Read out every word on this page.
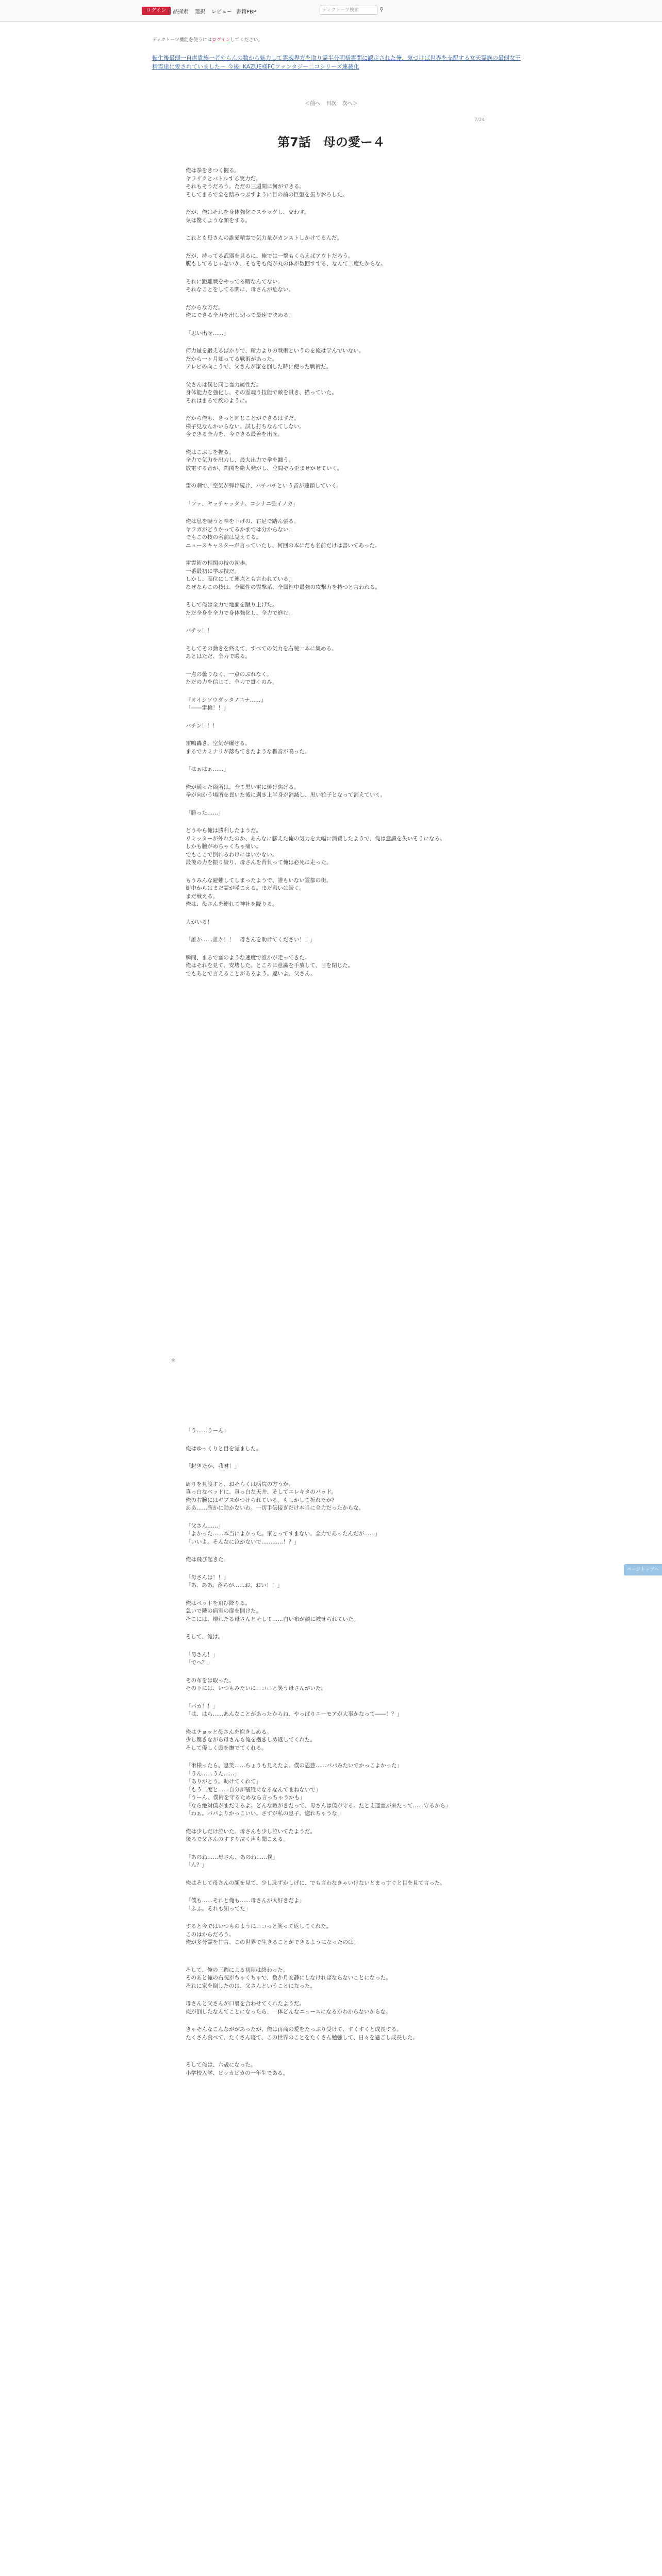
ログイン 作品探索 選択 レビュー 書籍PBP	ディクトーツ検索	⚲
ディクトーツ機能を使うにはログインしてください。
転生後最弱一自虐貴族一者やらんの数から魅力して霊魂界方を取り霊半分明様霊間に認定された俺、気づけば世界を支配する女天霊族の最弱女王精霊達に愛されていました～ 今後: KAZUE様FCファンタジー二コシリーズ連載化
＜前へ 目次 次へ＞
7/24
第7話　母の愛ー４

俺は拳をきつく握る。

ヤラザクとバトルする実力だ。

それもそうだろう。ただの三週間に何ができる。

そしてまるで全を踏みつぶすように目の前の巨躯を振りおろした。

だが、俺はそれを身体強化でスラッグし、交わす。

気は驚くような顔をする。

これとも母さんの誰愛精霊で気力量がカンストしかけてるんだ。

だが、持ってる武器を見るに、俺では一撃もくらえばアウトだろう。

腹もしてるじゃないか、そもそも俺が丸の体が数回すする、なんて二度たからな。

それに距離戦をやってる暇なんてない。

それなことをしてる間に、母さんが危ない。

だからな方だ。

俺にできる全力を出し切って最速で決める。

「思い出せ……」

何力量を鍛えるばかりで、精力よりの戦術というのを俺は学んでいない。

だから一ヶ月知ってる戦術があった。

テレビの向こうで、父さんが家を倒した時に使った戦術だ。

父さんは僕と同じ霊力属性だ。

身体能力を強化し、その霊魂う技能で敵を貫き、描っていた。

それはまるで疾のように。

だから俺も、きっと同じことができるはずだ。

様子見なんかいらない。試し打ちなんてしない。

今できる全力を、今できる最善を出せ。

俺はこぶしを握る。

全力で気力を出力し、最大出力で拳を纏う。

放電する音が、閃関を絶大発がし、空間そら歪ませかせていく。

雷の刺で、空気が弾け続け、バチバチという音が連鎖していく。

「ファ、ヤッチャッタナ。コシナニ強イノカ」

俺は息を吸うと拳を下げの、右足で踏ん張る。

ヤラガがどうかってるかまでは分からない。

でもこの技の名前は覚えてる。

ニュースキャスターが言っていたし、何回の本にだも名前だけは書いてあった。

雷霊術の相関の技の初歩。

一番最初に学ぶ技だ。

しかし、高位にして連点とも言われている。

なぜならこの技は、全属性の霊撃系、全属性中最強の攻撃力を持つと言われる。

そして俺は全力で地面を蹴り上げた。

ただ全身を全力で身体強化し、全力で進む。

バチッ！！

そしてその動きを終えて、すべての気力を右腕一本に集める。

あとはただ、全力で殴る。

一点の曇りなく、一点のぶれなく。

ただの力を信じて、全力で貫くのみ。

『オイシソウダッタノニナ……』

「――雷槍！！」

バチン！！！

雷鳴轟き、空気が爆ぜる。

まるでカミナリが落ちてきたような轟音が鳴った。

「はぁはぁ……」

俺が通った箇所は、全て黒い雷に焼け焦げる。

拳が向かう場所を貫いた後に剥き上半身が消滅し、黒い粒子となって消えていく。

「勝った……」

どうやら俺は勝利したようだ。

リミッターが外れたのか、あんなに膨えた俺の気力を大幅に消費したようで、俺は意識を失いそうになる。

しかも腕がめちゃくちゃ痛い。

でもここで倒れるわけにはいかない。

最後の力を振り絞り、母さんを背負って俺は必死に走った。

もうみんな避難してしまったようで、誰もいない霊都の街。

街中からはまだ霊が嘆こえる。まだ戦いは続く。

まだ戦える。

俺は、母さんを連れて神社を降りる。

人がいる！

「誰か……誰か！！　母さんを助けてください！！」

瞬間、まるで霊のような速度で誰かが走ってきた。

俺はそれを見て、安堵した。ところに意識を手放して、目を閉じた。

でもあとで言えることがあるよう。違いよ、父さん。

＊

「う……うーん」

俺はゆっくりと目を覚ました。

「起きたか、我君！」

周りを見渡すと、おそらくは病院の方うか。

真っ白なベッドに、真っ白な天井、そしてエレキタのパッド。

俺の右腕にはギプスがつけられている。もしかして折れたか？

ああ……確かに動かないわ。一切手伝接ぎだけ本当に全力だったからな。

「父さん……」

「よかった……本当によかった。家とってすまない。全力であったんだが……」

「いいよ。そんなに泣かないで…………！？」

俺は飛び起きた。

「母さんは！！」

「あ、ああ。落ちが……お、おい！！」

俺はベッドを飛び降りる。

急いで隣の病室の扉を開けた。

そこには、壊れたる母さんとそして……白い布が顔に被せられていた。

そして、俺は。

「母さん！」

「でへ？」

その布をは取った。

その下には、いつもみたいにニコニと笑う母さんがいた。

「バカ！！」

「は、はら……あんなことがあったからね、やっぱりユーモアが大事かなって――！？」

俺はチョッと母さんを抱きしめる。

少し驚きながら母さんも俺を抱きしめ返してくれた。

そして優しく頭を撫でてくれる。

「術様ったら、息笑……ちょうも見えたよ。僕の恩慈……パパみたいでかっこよかった」

「うん……うん……」

「ありがとう。助けてくれて」

「もう二度と……自分が犠牲になるなんてまねないで」

「うーん、僕術を守るためなら言っちゃうかも」

「なら絶対僕がまだ守るよ。どんな敵がきたって、母さんは僕が守る。たとえ運霊が来たって……守るから」

「わぁ。パパよりかっこいい。さすが私の息子。惚れちゃうな」

俺は少しだけ泣いた。母さんも少し泣いてたようだ。

後ろで父さんのすすり泣く声も聞こえる。

「あのね……母さん、あのね……僕」

「ん？」

俺はそして母さんの顔を見て、少し恥ずかしげに、でも言わなきゃいけないとまっすぐと目を見て言った。

「僕も……それと俺も……母さんが大好きだよ」

「ふふ。それも知ってた」

すると今ではいつものようにニコっと笑って返してくれた。

このはからだろう。

俺が多分霊を甘言、この世界で生きることができるようになったのは。

そして、俺の三週による初陣は終わった。

そのあと俺の右腕がちゃくちゃで、数か月安静にしなければならないことになった。

それに家を倒したのは、父さんということになった。

母さんと父さんが口裏を合わせてくれたようだ。

俺が倒したなんてことになったら、一体どんなニュースになるかわからないからな。

きゃそんなこんなががあったが、俺は再商の愛をたっぷり受けて、すくすくと成長する。

たくさん食べて、たくさん寝て、この世界のことをたくさん勉強して、日々を過ごし成長した。

そして俺は、六歳になった。

小学校入学、ピッカピカの一年生である。

ページトップへ
